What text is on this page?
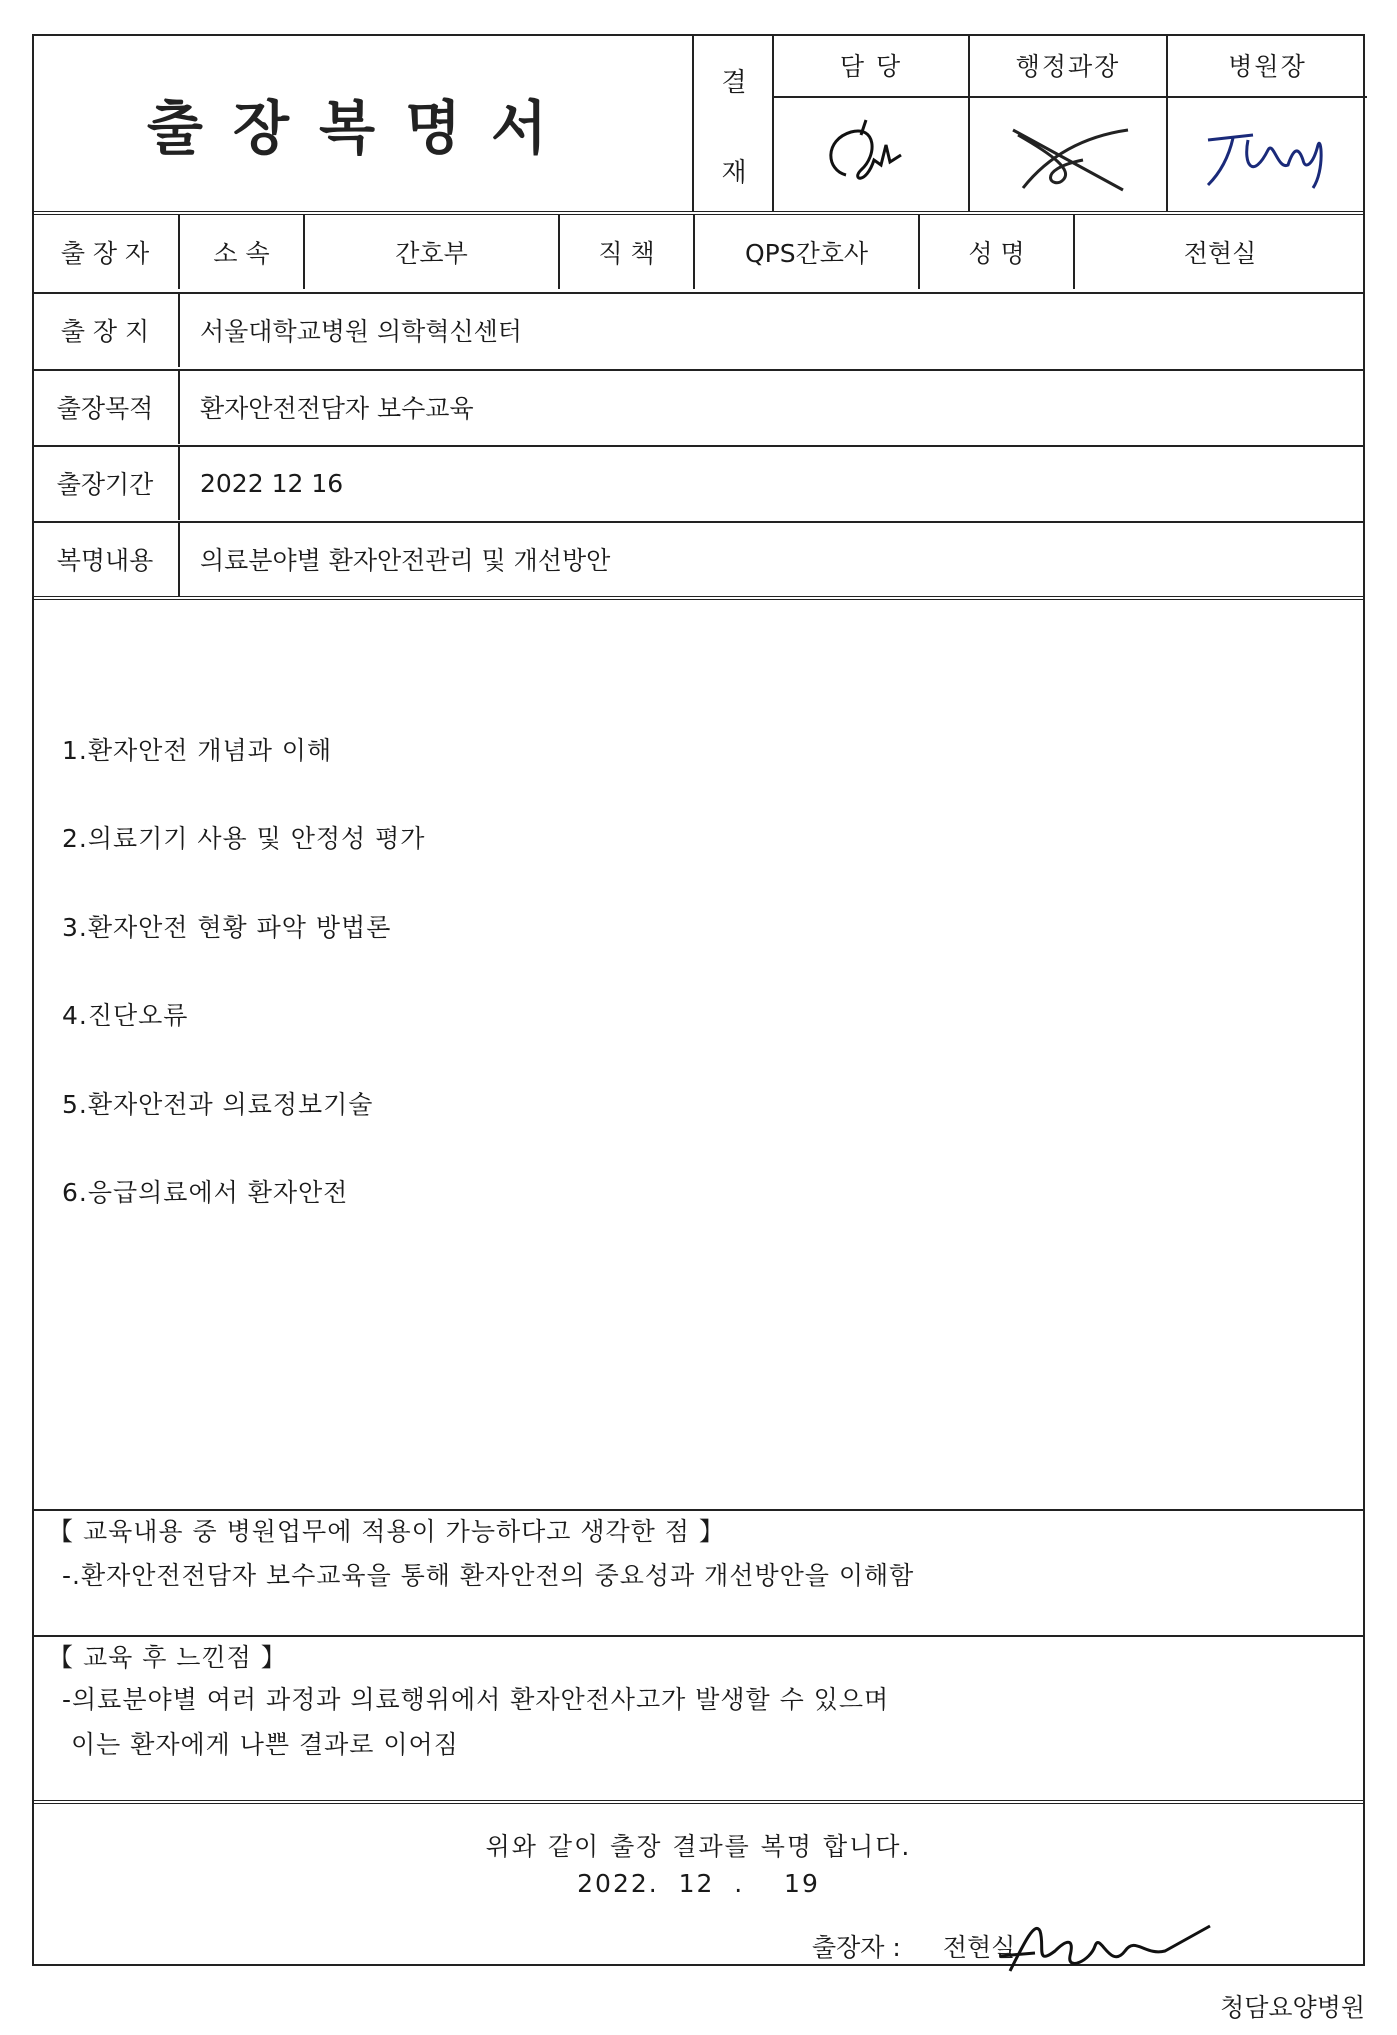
출장복명서
결
재
담 당	행정과장	병원장
출 장 자	소 속	간호부	직 책	QPS간호사	성 명	전현실
출 장 지	서울대학교병원 의학혁신센터
출장목적	환자안전전담자 보수교육
출장기간	2022 12 16
복명내용	의료분야별 환자안전관리 및 개선방안
1.환자안전 개념과 이해
2.의료기기 사용 및 안정성 평가
3.환자안전 현황 파악 방법론
4.진단오류
5.환자안전과 의료정보기술
6.응급의료에서 환자안전
【 교육내용 중 병원업무에 적용이 가능하다고 생각한 점 】
-.환자안전전담자 보수교육을 통해 환자안전의 중요성과 개선방안을 이해함
【 교육 후 느낀점 】
-의료분야별 여러 과정과 의료행위에서 환자안전사고가 발생할 수 있으며
이는 환자에게 나쁜 결과로 이어짐
위와 같이 출장 결과를 복명 합니다.
2022.  12  .    19
출장자 : 전현실
청담요양병원
